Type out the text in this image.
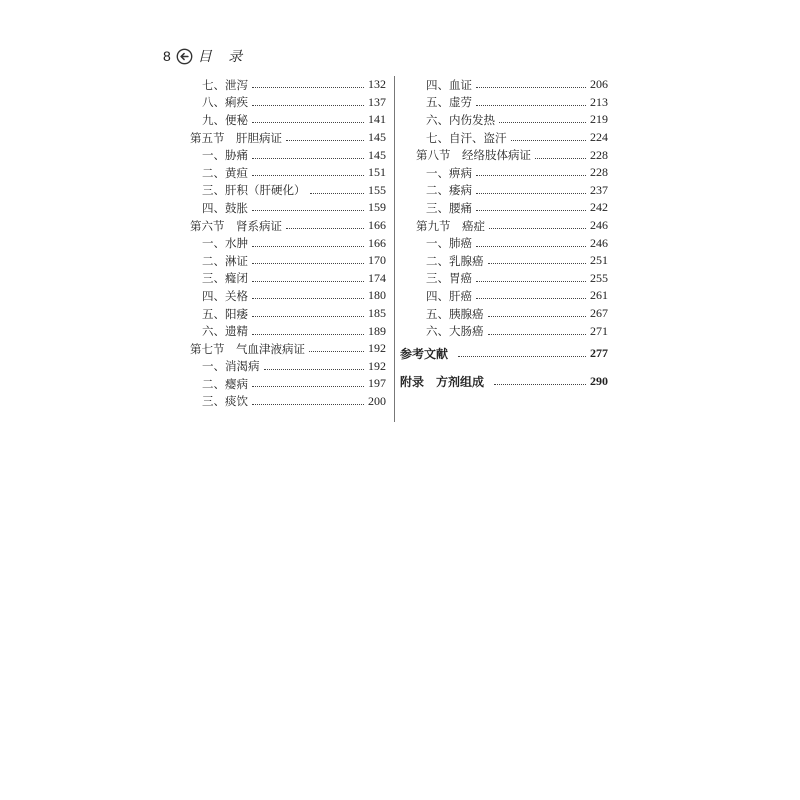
8 目 录
七、泄泻	132
八、痢疾	137
九、便秘	141
第五节　肝胆病证	145
一、胁痛	145
二、黄疸	151
三、肝积（肝硬化）	155
四、鼓胀	159
第六节　肾系病证	166
一、水肿	166
二、淋证	170
三、癃闭	174
四、关格	180
五、阳痿	185
六、遗精	189
第七节　气血津液病证	192
一、消渴病	192
二、瘿病	197
三、痰饮	200
四、血证	206
五、虚劳	213
六、内伤发热	219
七、自汗、盗汗	224
第八节　经络肢体病证	228
一、痹病	228
二、痿病	237
三、腰痛	242
第九节　癌症	246
一、肺癌	246
二、乳腺癌	251
三、胃癌	255
四、肝癌	261
五、胰腺癌	267
六、大肠癌	271
参考文献	277
附录　方剂组成	290
